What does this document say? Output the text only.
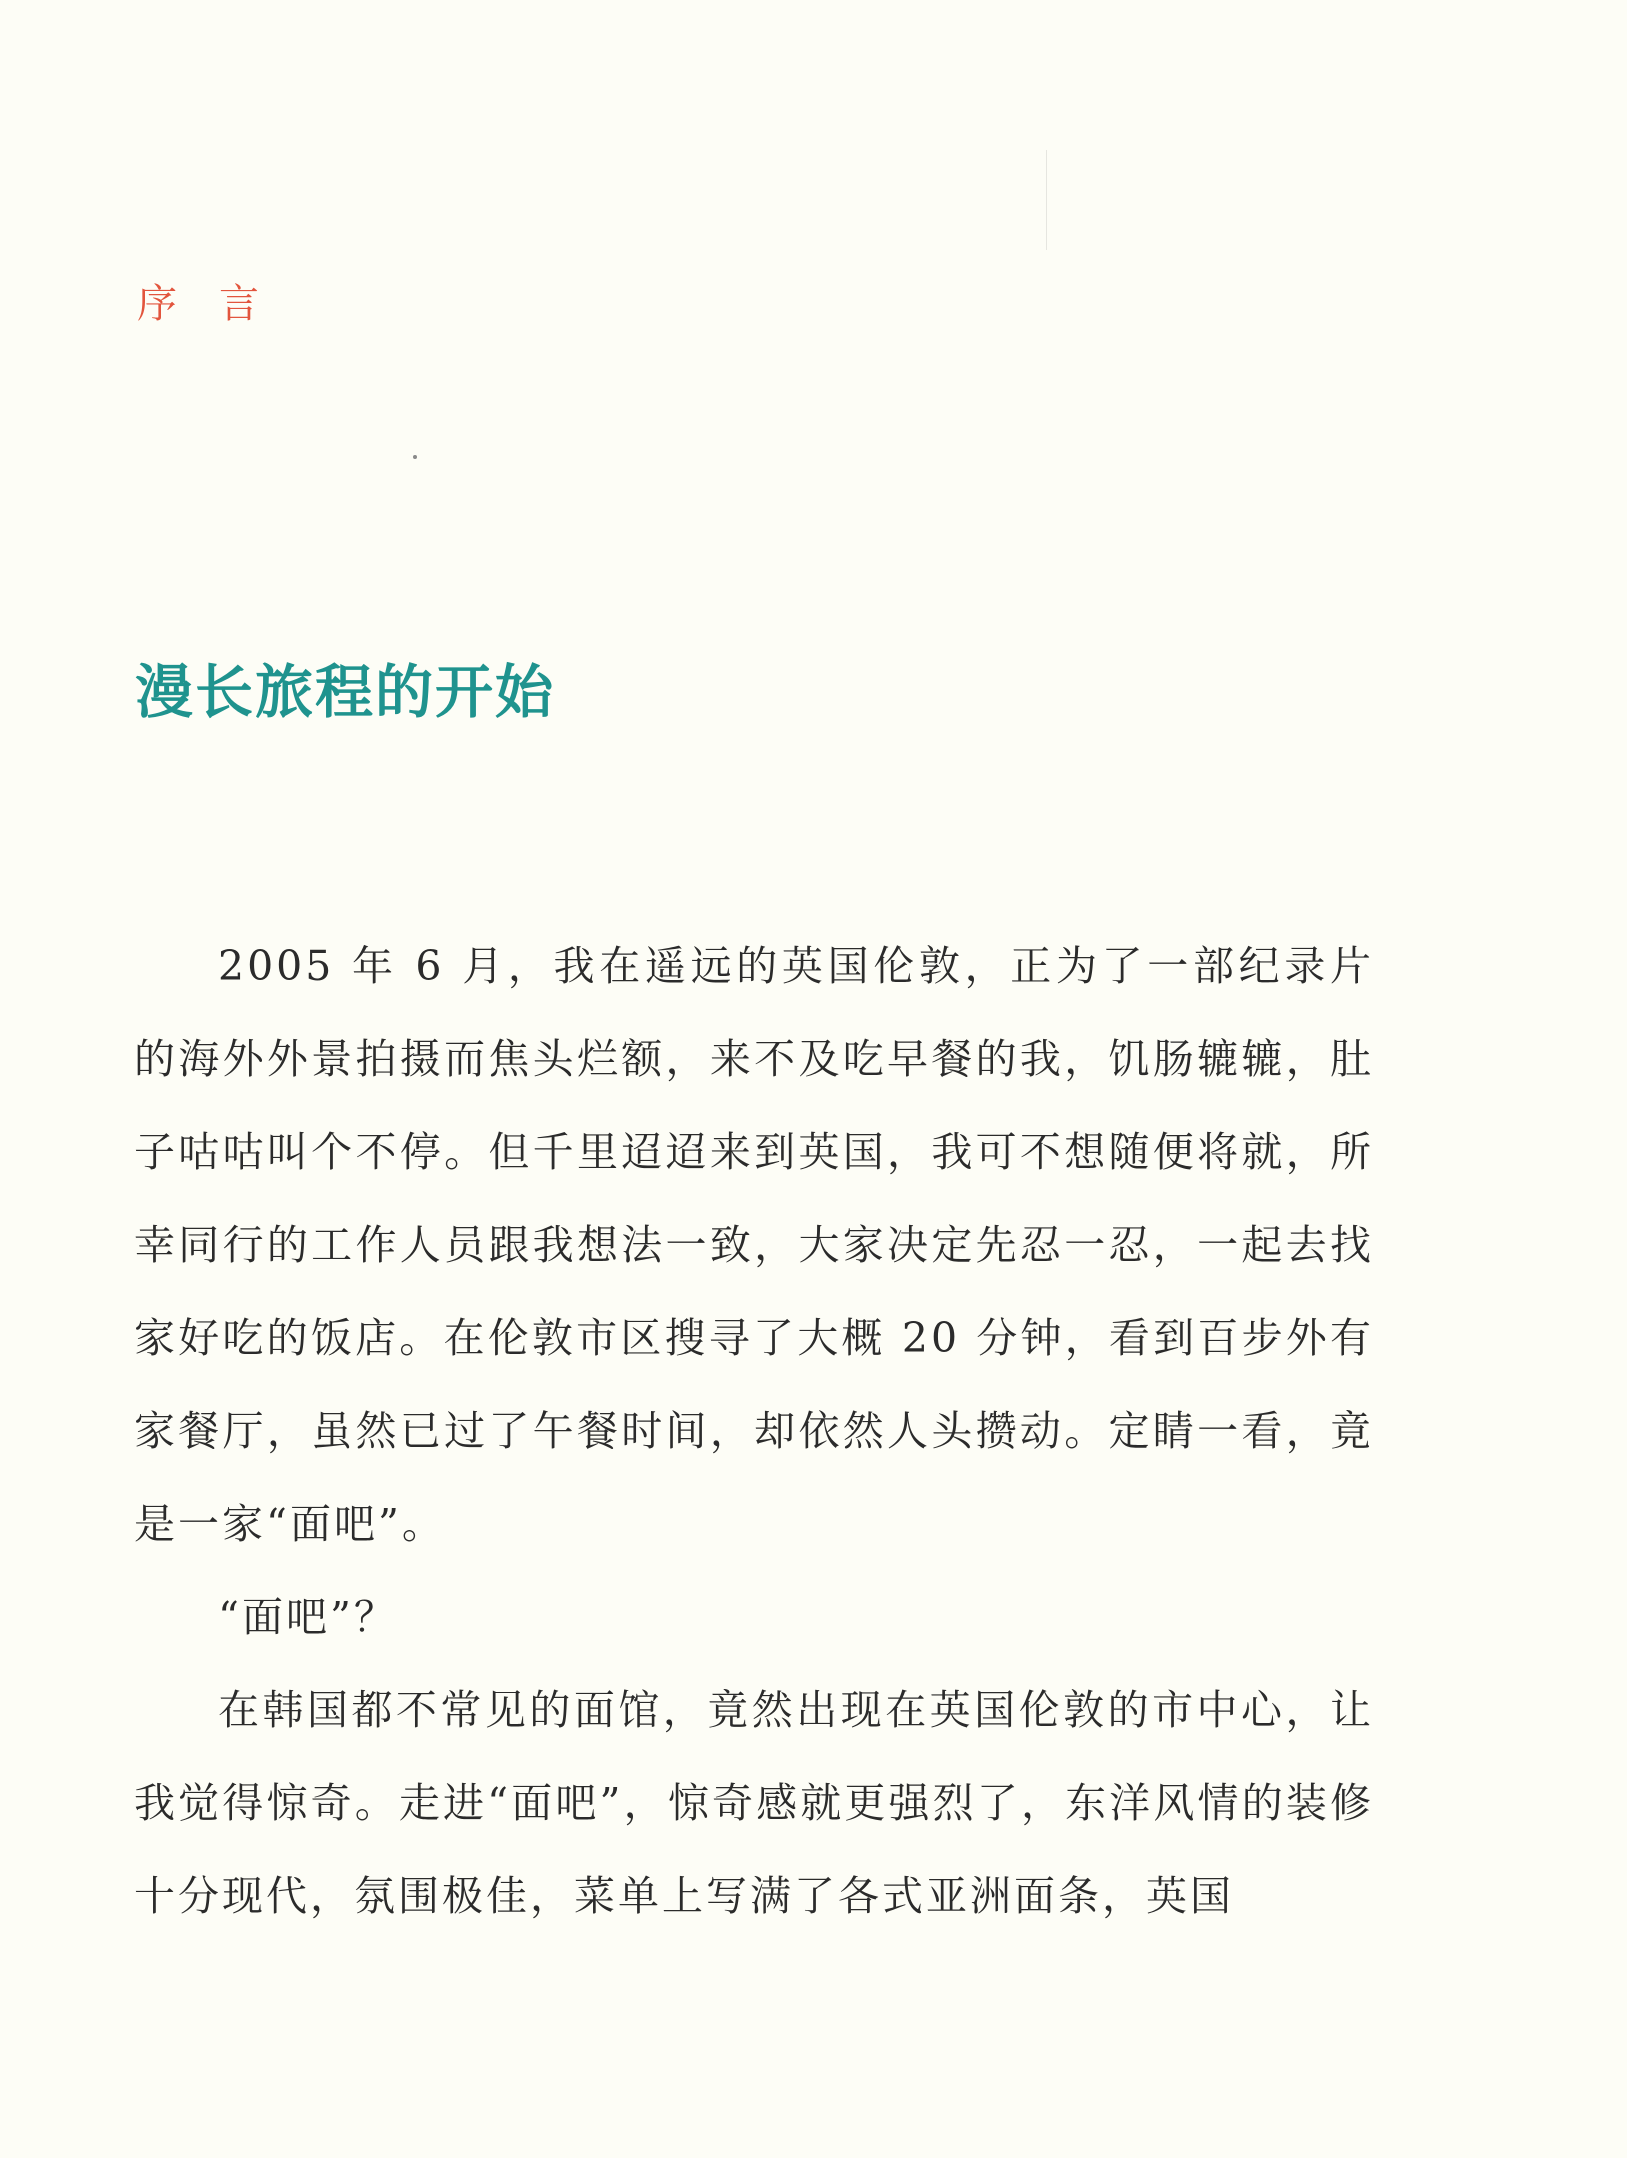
序言
漫长旅程的开始

2005 年 6 月，我在遥远的英国伦敦，正为了一部纪录片的海外外景拍摄而焦头烂额，来不及吃早餐的我，饥肠辘辘，肚子咕咕叫个不停。但千里迢迢来到英国，我可不想随便将就，所幸同行的工作人员跟我想法一致，大家决定先忍一忍，一起去找家好吃的饭店。在伦敦市区搜寻了大概 20 分钟，看到百步外有家餐厅，虽然已过了午餐时间，却依然人头攒动。定睛一看，竟是一家“面吧”。

“面吧”？

在韩国都不常见的面馆，竟然出现在英国伦敦的市中心，让我觉得惊奇。走进“面吧”，惊奇感就更强烈了，东洋风情的装修十分现代，氛围极佳，菜单上写满了各式亚洲面条，英国
